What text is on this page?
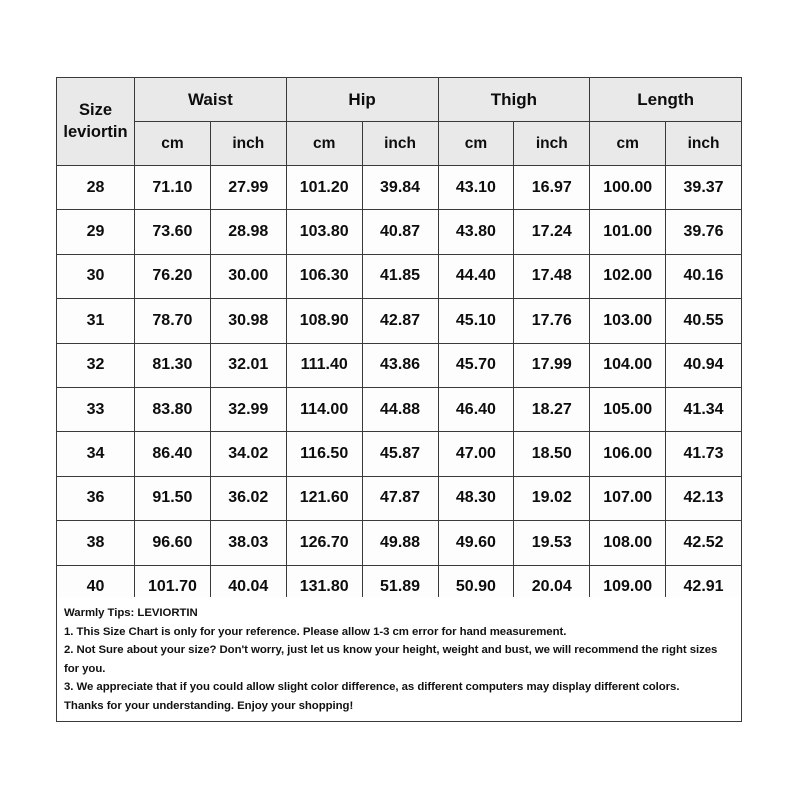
Size
leviortin	Waist		Hip		Thigh		Length	
	cm	inch	cm	inch	cm	inch	cm	inch
28	71.10	27.99	101.20	39.84	43.10	16.97	100.00	39.37
29	73.60	28.98	103.80	40.87	43.80	17.24	101.00	39.76
30	76.20	30.00	106.30	41.85	44.40	17.48	102.00	40.16
31	78.70	30.98	108.90	42.87	45.10	17.76	103.00	40.55
32	81.30	32.01	111.40	43.86	45.70	17.99	104.00	40.94
33	83.80	32.99	114.00	44.88	46.40	18.27	105.00	41.34
34	86.40	34.02	116.50	45.87	47.00	18.50	106.00	41.73
36	91.50	36.02	121.60	47.87	48.30	19.02	107.00	42.13
38	96.60	38.03	126.70	49.88	49.60	19.53	108.00	42.52
40	101.70	40.04	131.80	51.89	50.90	20.04	109.00	42.91
Warmly Tips: LEVIORTIN
1. This Size Chart is only for your reference. Please allow 1-3 cm error for hand measurement.
2. Not Sure about your size? Don't worry, just let us know your height, weight and bust, we will recommend the right sizes for you.
3. We appreciate that if you could allow slight color difference, as different computers may display different colors.
Thanks for your understanding. Enjoy your shopping!
